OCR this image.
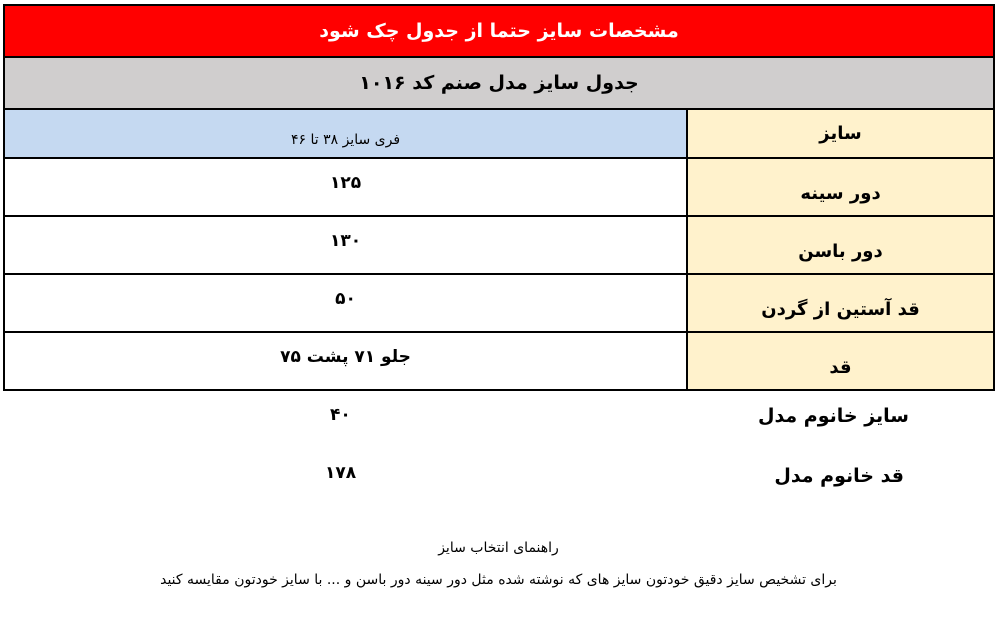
مشخصات سایز حتما از جدول چک شود
جدول سایز مدل صنم کد ۱۰۱۶
سایز
فری سایز ۳۸ تا ۴۶
دور سینه
۱۲۵
دور باسن
۱۳۰
قد آستین از گردن
۵۰
قد
جلو ۷۱ پشت ۷۵
سایز خانوم مدل
۴۰
قد خانوم مدل
۱۷۸
راهنمای انتخاب سایز
برای تشخیص سایز دقیق خودتون سایز های که نوشته شده مثل دور سینه دور باسن و ... با سایز خودتون مقایسه کنید
